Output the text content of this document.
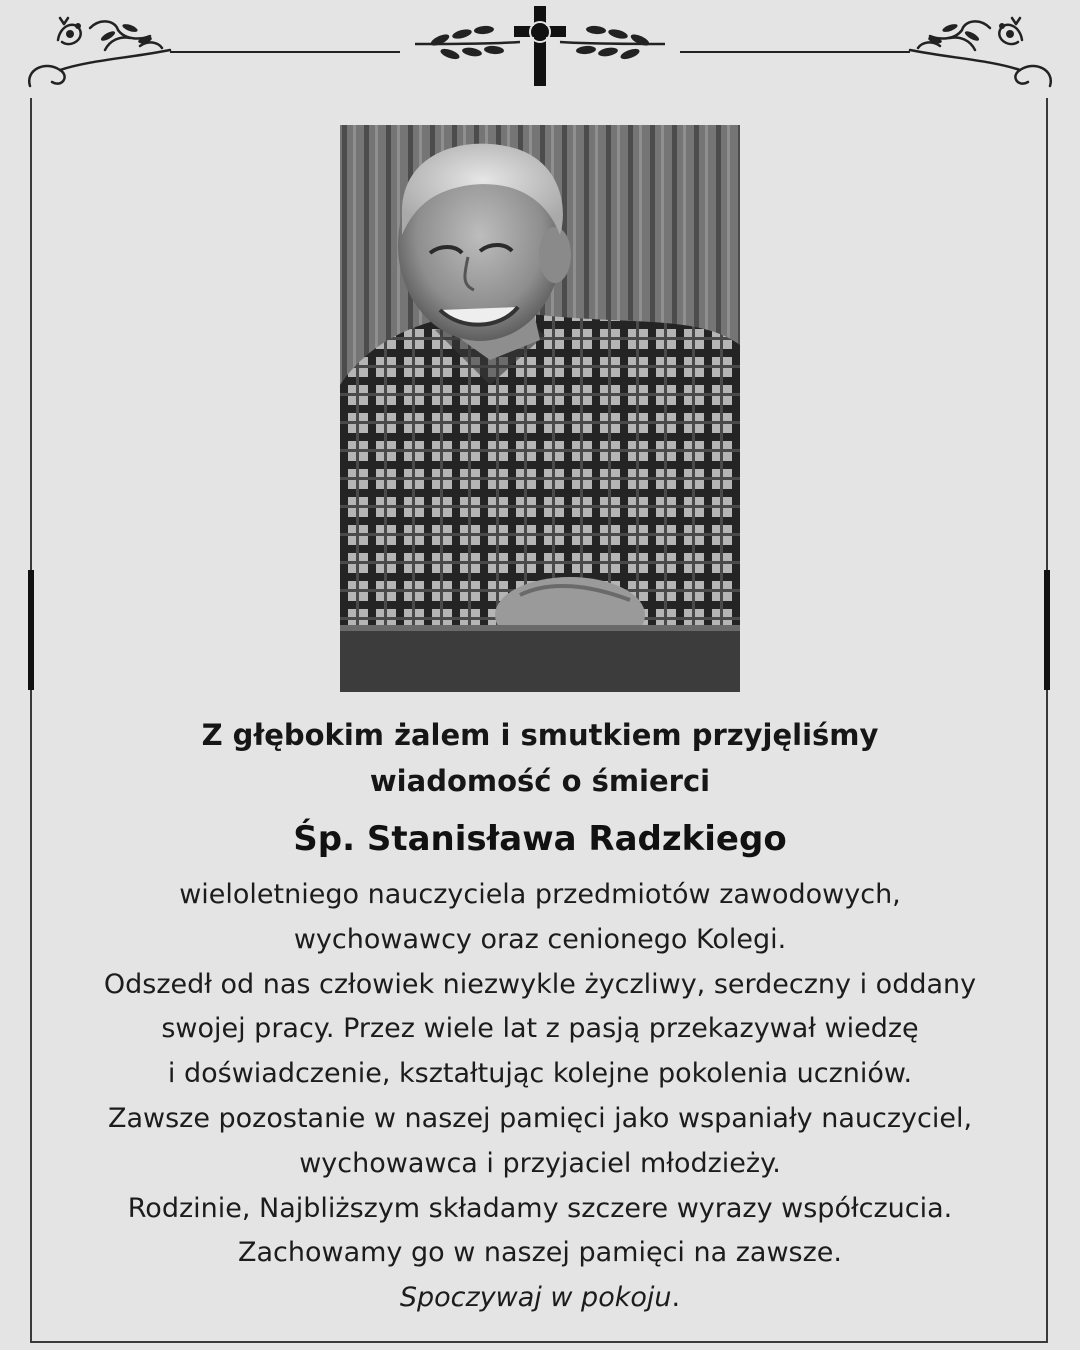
Z głębokim żalem i smutkiem przyjęliśmy
wiadomość o śmierci
Śp. Stanisława Radzkiego
wieloletniego nauczyciela przedmiotów zawodowych,
wychowawcy oraz cenionego Kolegi.
Odszedł od nas człowiek niezwykle życzliwy, serdeczny i oddany
swojej pracy. Przez wiele lat z pasją przekazywał wiedzę
i doświadczenie, kształtując kolejne pokolenia uczniów.
Zawsze pozostanie w naszej pamięci jako wspaniały nauczyciel,
wychowawca i przyjaciel młodzieży.
Rodzinie, Najbliższym składamy szczere wyrazy współczucia.
Zachowamy go w naszej pamięci na zawsze.
Spoczywaj w pokoju.
